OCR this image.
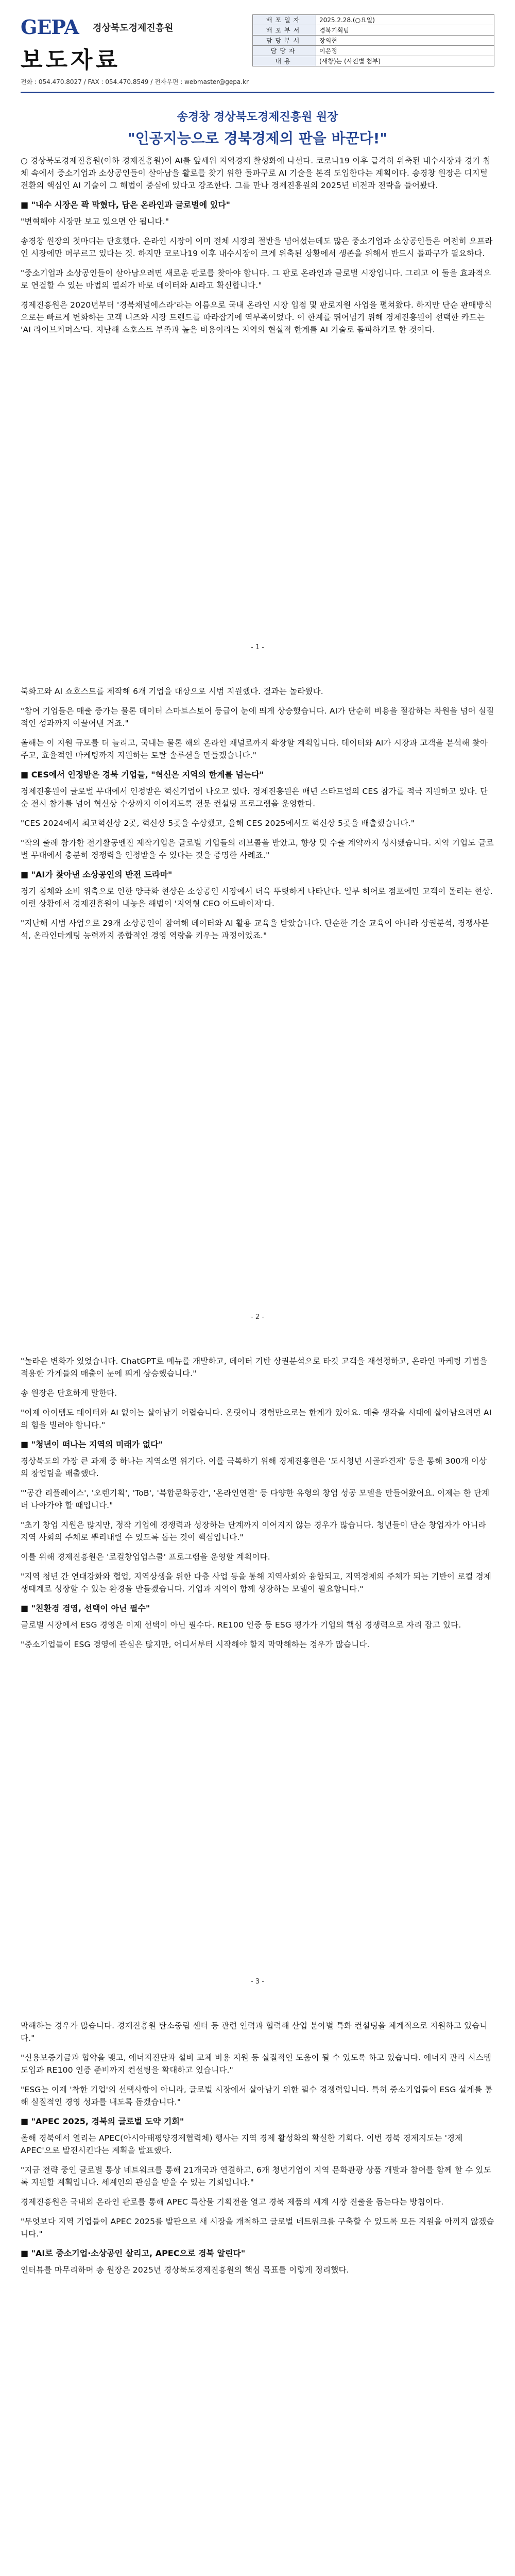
GEPA 경상북도경제진흥원
보도자료
전화 : 054.470.8027 / FAX : 054.470.8549 / 전자우편 : webmaster@gepa.kr
배포일자	2025.2.28.(○요일)
배포부서	경북기획팀
담당부서	장의현
담당자	이은정
내용	(새창)는 (사진별 첨부)
송경창 경상북도경제진흥원 원장
"인공지능으로 경북경제의 판을 바꾼다!"

○ 경상북도경제진흥원(이하 경제진흥원)이 AI를 앞세워 지역경제 활성화에 나선다. 코로나19 이후 급격히 위축된 내수시장과 경기 침체 속에서 중소기업과 소상공인들이 살아남을 활로를 찾기 위한 돌파구로 AI 기술을 본격 도입한다는 계획이다. 송경창 원장은 디지털전환의 핵심인 AI 기술이 그 해법이 중심에 있다고 강조한다. 그를 만나 경제진흥원의 2025년 비전과 전략을 들어봤다.

■ "내수 시장은 꽉 막혔다, 답은 온라인과 글로벌에 있다"

"변혁해야 시장만 보고 있으면 안 됩니다."

송경창 원장의 첫마디는 단호했다. 온라인 시장이 이미 전체 시장의 절반을 넘어섰는데도 많은 중소기업과 소상공인들은 여전히 오프라인 시장에만 머무르고 있다는 것. 하지만 코로나19 이후 내수시장이 크게 위축된 상황에서 생존을 위해서 반드시 돌파구가 필요하다.

"중소기업과 소상공인들이 살아남으려면 새로운 판로를 찾아야 합니다. 그 판로 온라인과 글로벌 시장입니다. 그리고 이 둘을 효과적으로 연결할 수 있는 마법의 열쇠가 바로 데이터와 AI라고 확신합니다."

경제진흥원은 2020년부터 '경북채널에스라'라는 이름으로 국내 온라인 시장 입점 및 판로지원 사업을 펼쳐왔다. 하지만 단순 판매방식으로는 빠르게 변화하는 고객 니즈와 시장 트렌드를 따라잡기에 역부족이었다. 이 한계를 뛰어넘기 위해 경제진흥원이 선택한 카드는 'AI 라이브커머스'다. 지난해 쇼호스트 부족과 높은 비용이라는 지역의 현실적 한계를 AI 기술로 돌파하기로 한 것이다.

- 1 -

북화고와 AI 쇼호스트를 제작해 6개 기업을 대상으로 시범 지원했다. 결과는 놀라웠다.

"참여 기업들은 매출 증가는 물론 데이터 스마트스토어 등급이 눈에 띄게 상승했습니다. AI가 단순히 비용을 절감하는 차원을 넘어 실질적인 성과까지 이끌어낸 거죠."

올해는 이 지원 규모를 더 늘리고, 국내는 물론 해외 온라인 채널로까지 확장할 계획입니다. 데이터와 AI가 시장과 고객을 분석해 찾아주고, 효율적인 마케팅까지 지원하는 토탈 솔루션을 만들겠습니다."

■ CES에서 인정받은 경북 기업들, "혁신은 지역의 한계를 넘는다"

경제진흥원이 글로벌 무대에서 인정받은 혁신기업이 나오고 있다. 경제진흥원은 매년 스타트업의 CES 참가를 적극 지원하고 있다. 단순 전시 참가를 넘어 혁신상 수상까지 이어지도록 전문 컨설팅 프로그램을 운영한다.

"CES 2024에서 최고혁신상 2곳, 혁신상 5곳을 수상했고, 올해 CES 2025에서도 혁신상 5곳을 배출했습니다."

"작의 출례 참가한 전기활공엔진 제작기업은 글로벌 기업들의 러브콜을 받았고, 향상 및 수출 계약까지 성사됐습니다. 지역 기업도 글로벌 무대에서 충분히 경쟁력을 인정받을 수 있다는 것을 증명한 사례죠."

■ "AI가 찾아낸 소상공인의 반전 드라마"

경기 침체와 소비 위축으로 인한 양극화 현상은 소상공인 시장에서 더욱 뚜렷하게 나타난다. 일부 히어로 점포에만 고객이 몰리는 현상. 이런 상황에서 경제진흥원이 내놓은 해법이 '지역형 CEO 어드바이저'다.

"지난해 시범 사업으로 29개 소상공인이 참여해 데이터와 AI 활용 교육을 받았습니다. 단순한 기술 교육이 아니라 상권분석, 경쟁사분석, 온라인마케팅 능력까지 종합적인 경영 역량을 키우는 과정이었죠."

- 2 -

"놀라운 변화가 있었습니다. ChatGPT로 메뉴를 개발하고, 데이터 기반 상권분석으로 타깃 고객을 재설정하고, 온라인 마케팅 기법을 적용한 가게들의 매출이 눈에 띄게 상승했습니다."

송 원장은 단호하게 말한다.

"이제 아이템도 데이터와 AI 없이는 살아남기 어렵습니다. 온릿이나 경험만으로는 한계가 있어요. 매출 생각을 시대에 살아남으려면 AI의 힘을 빌려야 합니다."

■ "청년이 떠나는 지역의 미래가 없다"

경상북도의 가장 큰 과제 중 하나는 지역소멸 위기다. 이를 극복하기 위해 경제진흥원은 '도시청년 시골파견제' 등을 통해 300개 이상의 창업팀을 배출했다.

"'공간 리플레이스', '오렌기획', 'ToB', '복합문화공간', '온라인연결' 등 다양한 유형의 창업 성공 모델을 만들어왔어요. 이제는 한 단계 더 나아가야 할 때입니다."

"초기 창업 지원은 많지만, 정작 기업에 경쟁력과 성장하는 단계까지 이어지지 않는 경우가 많습니다. 청년들이 단순 창업자가 아니라 지역 사회의 주체로 뿌리내릴 수 있도록 돕는 것이 핵심입니다."

이를 위해 경제진흥원은 '로컬창업업스쿨' 프로그램을 운영할 계획이다.

"지역 청년 간 연대강화와 협업, 지역상생을 위한 다층 사업 등을 통해 지역사회와 융합되고, 지역경제의 주체가 되는 기반이 로컬 경제 생태계로 성장할 수 있는 환경을 만들겠습니다. 기업과 지역이 함께 성장하는 모델이 필요합니다."

■ "친환경 경영, 선택이 아닌 필수"

글로벌 시장에서 ESG 경영은 이제 선택이 아닌 필수다. RE100 인증 등 ESG 평가가 기업의 핵심 경쟁력으로 자리 잡고 있다.

"중소기업들이 ESG 경영에 관심은 많지만, 어디서부터 시작해야 할지 막막해하는 경우가 많습니다.

- 3 -

막해하는 경우가 많습니다. 경제진흥원 탄소중립 센터 등 관련 인력과 협력해 산업 분야별 특화 컨설팅을 체계적으로 지원하고 있습니다."

"신용보증기금과 협약을 맺고, 에너지진단과 설비 교체 비용 지원 등 실질적인 도움이 될 수 있도록 하고 있습니다. 에너지 관리 시스템 도입과 RE100 인증 준비까지 컨설팅을 확대하고 있습니다."

"ESG는 이제 '착한 기업'의 선택사항이 아니라, 글로벌 시장에서 살아남기 위한 필수 경쟁력입니다. 특히 중소기업들이 ESG 설계를 통해 실질적인 경영 성과를 내도록 돕겠습니다."

■ "APEC 2025, 경북의 글로벌 도약 기회"

올해 경북에서 열리는 APEC(아시아태평양경제협력체) 행사는 지역 경제 활성화의 확실한 기회다. 이번 경북 경제지도는 '경제 APEC'으로 발전시킨다는 계획을 발표했다.

"지금 전략 중인 글로벌 통상 네트워크를 통해 21개국과 연결하고, 6개 청년기업이 지역 문화관광 상품 개발과 참여를 함께 할 수 있도록 지원할 계획입니다. 세계인의 관심을 받을 수 있는 기회입니다."

경제진흥원은 국내외 온라인 판로를 통해 APEC 특산물 기획전을 열고 경북 제품의 세계 시장 진출을 돕는다는 방침이다.

"무엇보다 지역 기업들이 APEC 2025를 발판으로 새 시장을 개척하고 글로벌 네트워크를 구축할 수 있도록 모든 지원을 아끼지 않겠습니다."

■ "AI로 중소기업·소상공인 살리고, APEC으로 경북 알린다"

인터뷰를 마무리하며 송 원장은 2025년 경상북도경제진흥원의 핵심 목표를 이렇게 정리했다.
